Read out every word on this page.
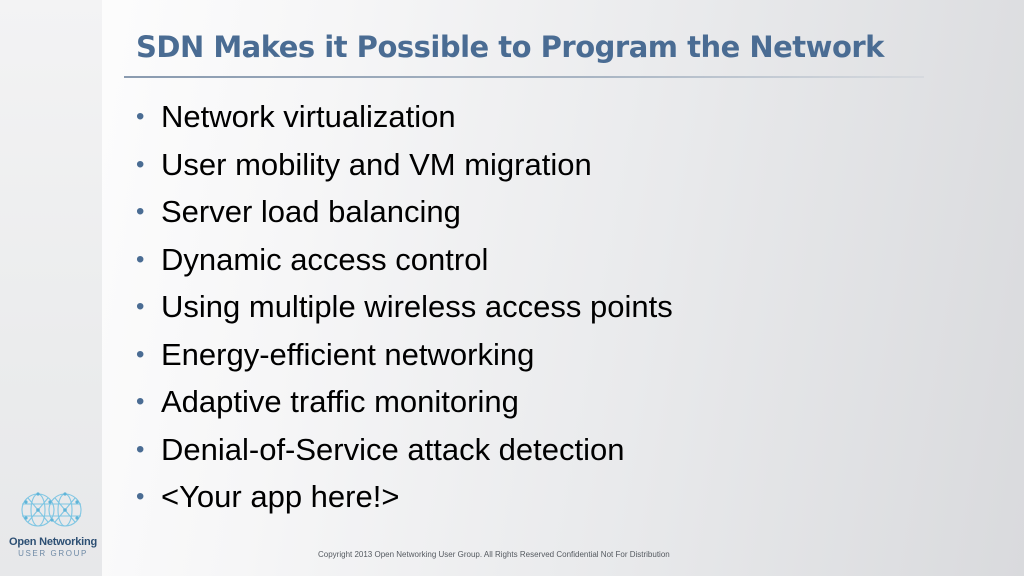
SDN Makes it Possible to Program the Network
• Network virtualization
• User mobility and VM migration
• Server load balancing
• Dynamic access control
• Using multiple wireless access points
• Energy-efficient networking
• Adaptive traffic monitoring
• Denial-of-Service attack detection
• <Your app here!>
Open Networking
USER GROUP	Copyright 2013 Open Networking User Group. All Rights Reserved Confidential Not For Distribution
